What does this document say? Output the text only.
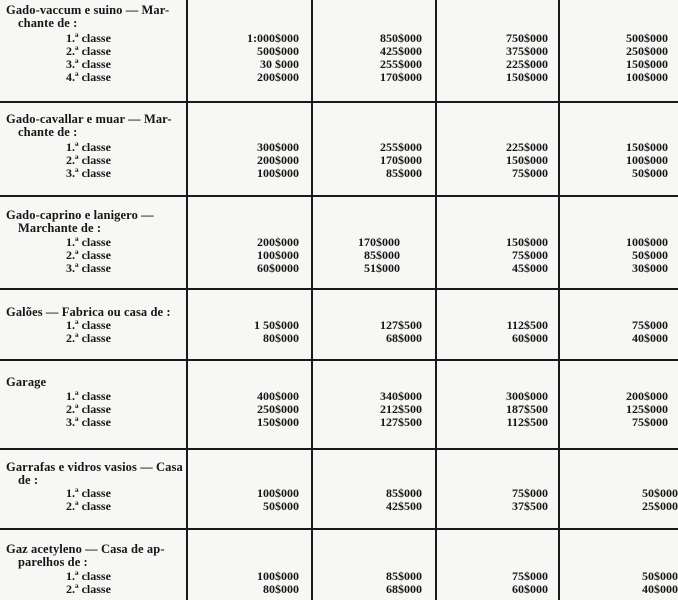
Gado-vaccum e suino — Mar-
chante de :
1.ª classe	1:000$000	850$000	750$000	500$000
2.ª classe	500$000	425$000	375$000	250$000
3.ª classe	30 $000	255$000	225$000	150$000
4.ª classe	200$000	170$000	150$000	100$000
Gado-cavallar e muar — Mar-
chante de :
1.ª classe	300$000	255$000	225$000	150$000
2.ª classe	200$000	170$000	150$000	100$000
3.ª classe	100$000	85$000	75$000	50$000
Gado-caprino e lanigero —
Marchante de :
1.ª classe	200$000	170$000	150$000	100$000
2.ª classe	100$000	85$000	75$000	50$000
3.ª classe	60$0000	51$000	45$000	30$000
Galões — Fabrica ou casa de :
1.ª classe	1 50$000	127$500	112$500	75$000
2.ª classe	80$000	68$000	60$000	40$000
Garage
1.ª classe	400$000	340$000	300$000	200$000
2.ª classe	250$000	212$500	187$500	125$000
3.ª classe	150$000	127$500	112$500	75$000
Garrafas e vidros vasios — Casa
de :
1.ª classe	100$000	85$000	75$000	50$000
2.ª classe	50$000	42$500	37$500	25$000
Gaz acetyleno — Casa de ap-
parelhos de :
1.ª classe	100$000	85$000	75$000	50$000
2.ª classe	80$000	68$000	60$000	40$000
